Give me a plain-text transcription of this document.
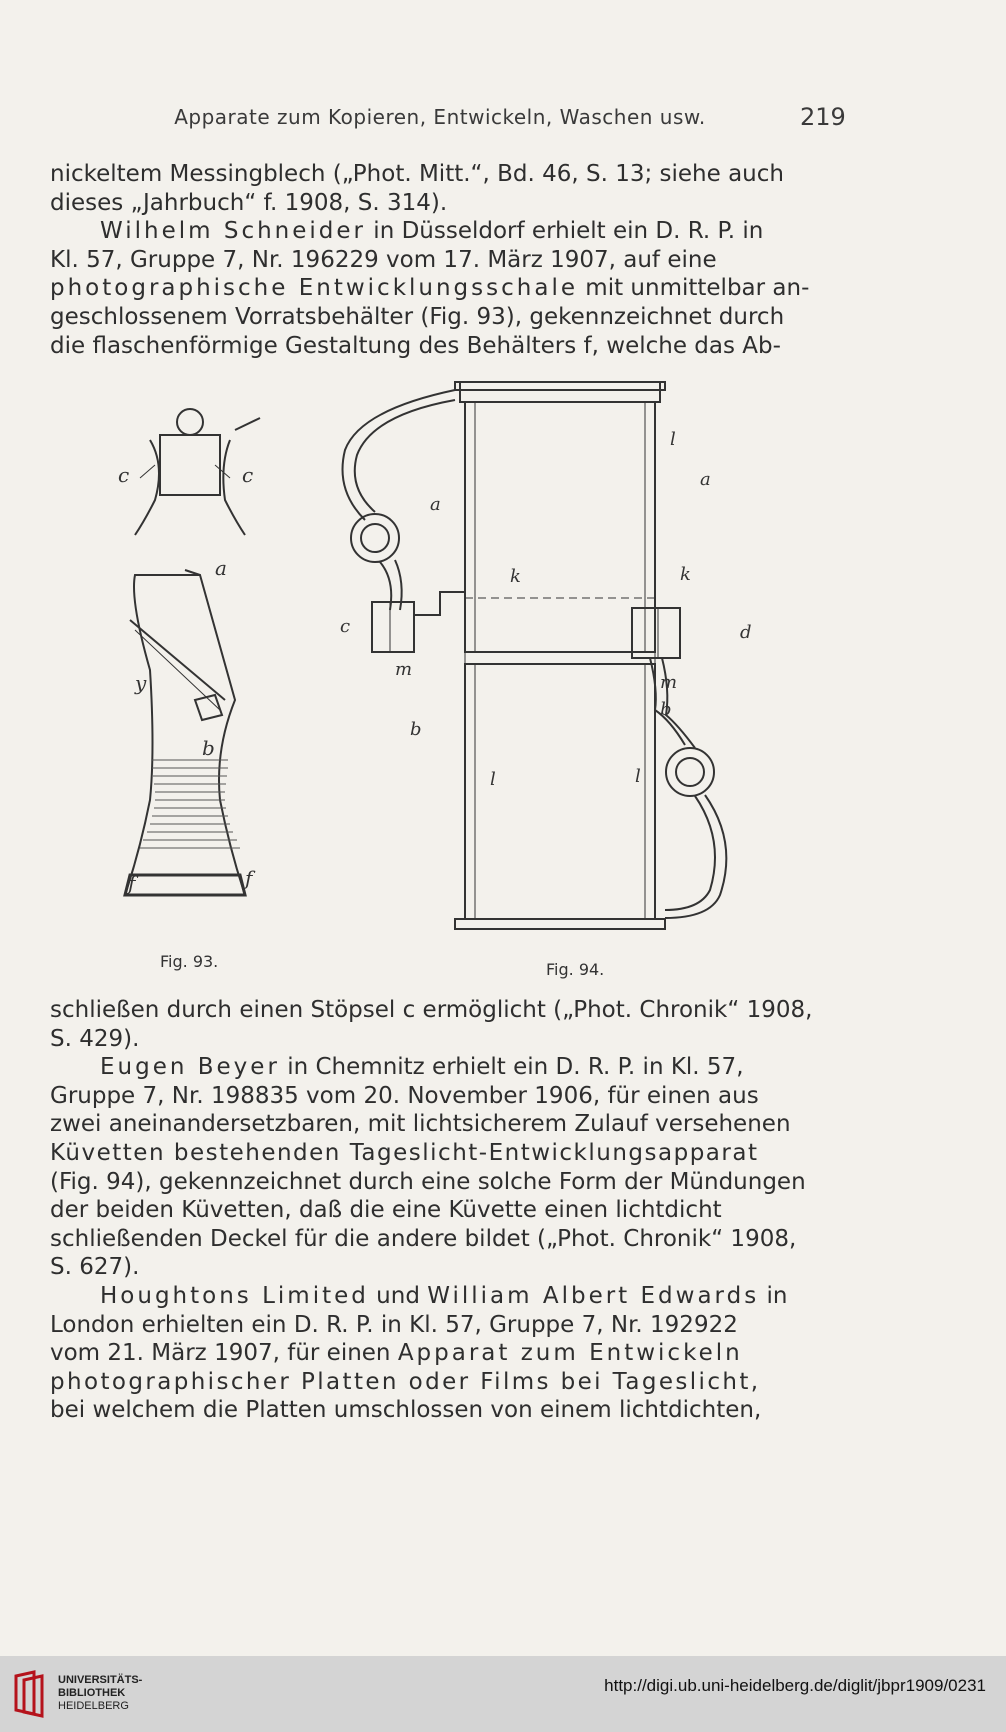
Apparate zum Kopieren, Entwickeln, Waschen usw.	219

nickeltem Messingblech („Phot. Mitt.“, Bd. 46, S. 13; siehe auch
dieses „Jahrbuch“ f. 1908, S. 314).

Wilhelm Schneider in Düsseldorf erhielt ein D. R. P. in
Kl. 57, Gruppe 7, Nr. 196229 vom 17. März 1907, auf eine
photographische Entwicklungsschale mit unmittelbar an-
geschlossenem Vorratsbehälter (Fig. 93), gekennzeichnet durch
die flaschenförmige Gestaltung des Behälters f, welche das Ab-

c	c
a
y
b
f	f
l
a
a
k	k
c	d
m
m
b
b
l	l
Fig. 93.	Fig. 94.

schließen durch einen Stöpsel c ermöglicht („Phot. Chronik“ 1908,
S. 429).

Eugen Beyer in Chemnitz erhielt ein D. R. P. in Kl. 57,
Gruppe 7, Nr. 198835 vom 20. November 1906, für einen aus
zwei aneinandersetzbaren, mit lichtsicherem Zulauf versehenen
Küvetten bestehenden Tageslicht-Entwicklungsapparat
(Fig. 94), gekennzeichnet durch eine solche Form der Mündungen
der beiden Küvetten, daß die eine Küvette einen lichtdicht
schließenden Deckel für die andere bildet („Phot. Chronik“ 1908,
S. 627).

Houghtons Limited und William Albert Edwards in
London erhielten ein D. R. P. in Kl. 57, Gruppe 7, Nr. 192922
vom 21. März 1907, für einen Apparat zum Entwickeln
photographischer Platten oder Films bei Tageslicht,
bei welchem die Platten umschlossen von einem lichtdichten,

UNIVERSITÄTS-
BIBLIOTHEK
HEIDELBERG
http://digi.ub.uni-heidelberg.de/diglit/jbpr1909/0231
